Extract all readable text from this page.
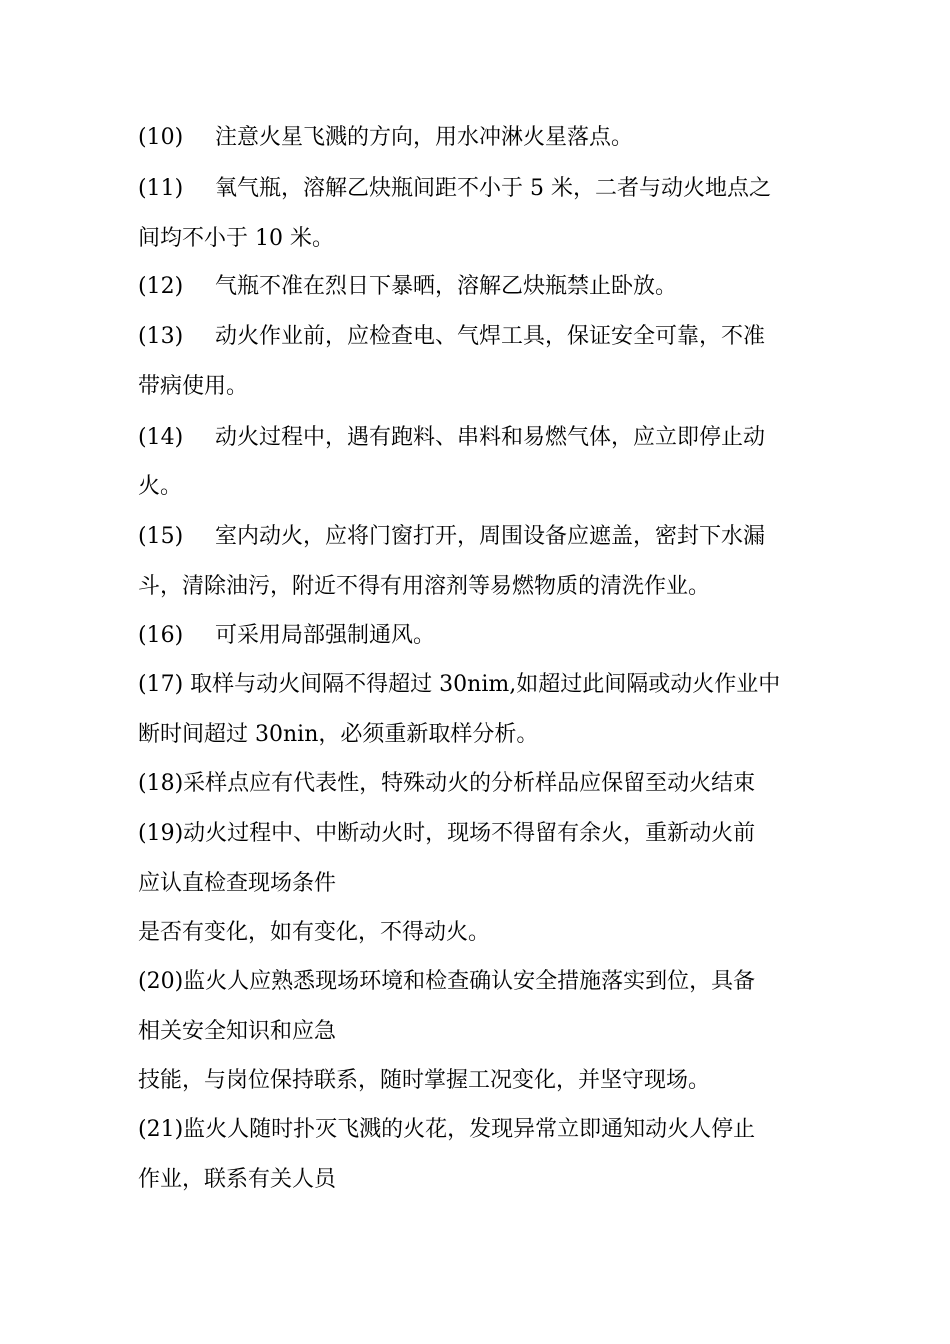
(10) 注意火星飞溅的方向，用水冲淋火星落点。
(11) 氧气瓶，溶解乙炔瓶间距不小于 5 米，二者与动火地点之
间均不小于 10 米。
(12) 气瓶不准在烈日下暴晒，溶解乙炔瓶禁止卧放。
(13) 动火作业前，应检查电、气焊工具，保证安全可靠，不准
带病使用。
(14) 动火过程中，遇有跑料、串料和易燃气体，应立即停止动
火。
(15) 室内动火，应将门窗打开，周围设备应遮盖，密封下水漏
斗，清除油污，附近不得有用溶剂等易燃物质的清洗作业。
(16) 可采用局部强制通风。
(17) 取样与动火间隔不得超过 30nim,如超过此间隔或动火作业中
断时间超过 30nin，必须重新取样分析。
(18)采样点应有代表性，特殊动火的分析样品应保留至动火结束
(19)动火过程中、中断动火时，现场不得留有余火，重新动火前
应认直检查现场条件
是否有变化，如有变化，不得动火。
(20)监火人应熟悉现场环境和检查确认安全措施落实到位，具备
相关安全知识和应急
技能，与岗位保持联系，随时掌握工况变化，并坚守现场。
(21)监火人随时扑灭飞溅的火花，发现异常立即通知动火人停止
作业，联系有关人员
